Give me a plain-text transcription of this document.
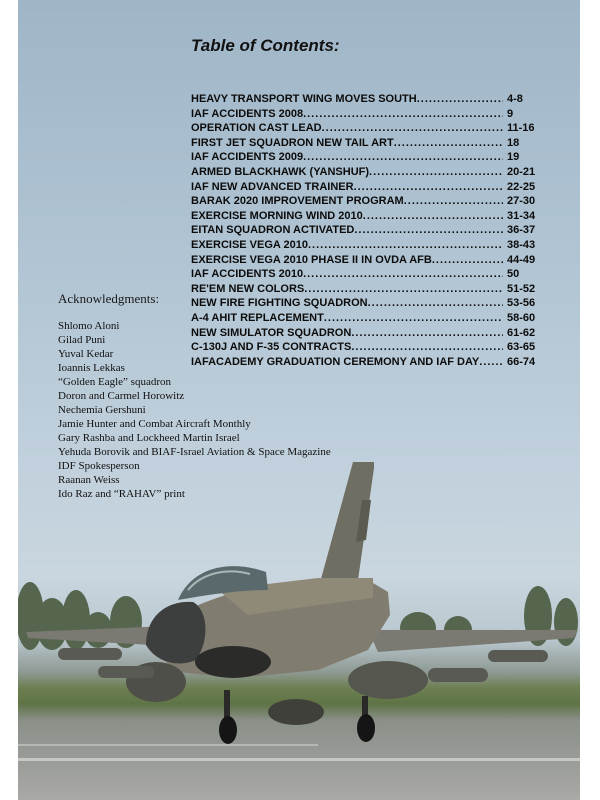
Table of Contents:
HEAVY TRANSPORT WING MOVES SOUTH .....	4-8
IAF ACCIDENTS 2008 .....	9
OPERATION CAST LEAD .....	11-16
FIRST JET SQUADRON NEW TAIL ART .....	18
IAF ACCIDENTS 2009 .....	19
ARMED BLACKHAWK (YANSHUF) .....	20-21
IAF NEW ADVANCED TRAINER .....	22-25
BARAK 2020 IMPROVEMENT PROGRAM .....	27-30
EXERCISE MORNING WIND 2010 .....	31-34
EITAN SQUADRON ACTIVATED .....	36-37
EXERCISE VEGA 2010 .....	38-43
EXERCISE VEGA 2010 PHASE II IN OVDA AFB .....	44-49
IAF ACCIDENTS 2010 .....	50
RE'EM NEW COLORS .....	51-52
NEW FIRE FIGHTING SQUADRON .....	53-56
A-4 AHIT REPLACEMENT .....	58-60
NEW SIMULATOR SQUADRON .....	61-62
C-130J AND F-35 CONTRACTS .....	63-65
IAFACADEMY GRADUATION CEREMONY AND IAF DAY .....	66-74
Acknowledgments:
Shlomo Aloni
Gilad Puni
Yuval Kedar
Ioannis Lekkas
“Golden Eagle” squadron
Doron and Carmel Horowitz
Nechemia Gershuni
Jamie Hunter and Combat Aircraft Monthly
Gary Rashba and Lockheed Martin Israel
Yehuda Borovik and BIAF-Israel Aviation & Space Magazine
IDF Spokesperson
Raanan Weiss
Ido Raz and “RAHAV” print
